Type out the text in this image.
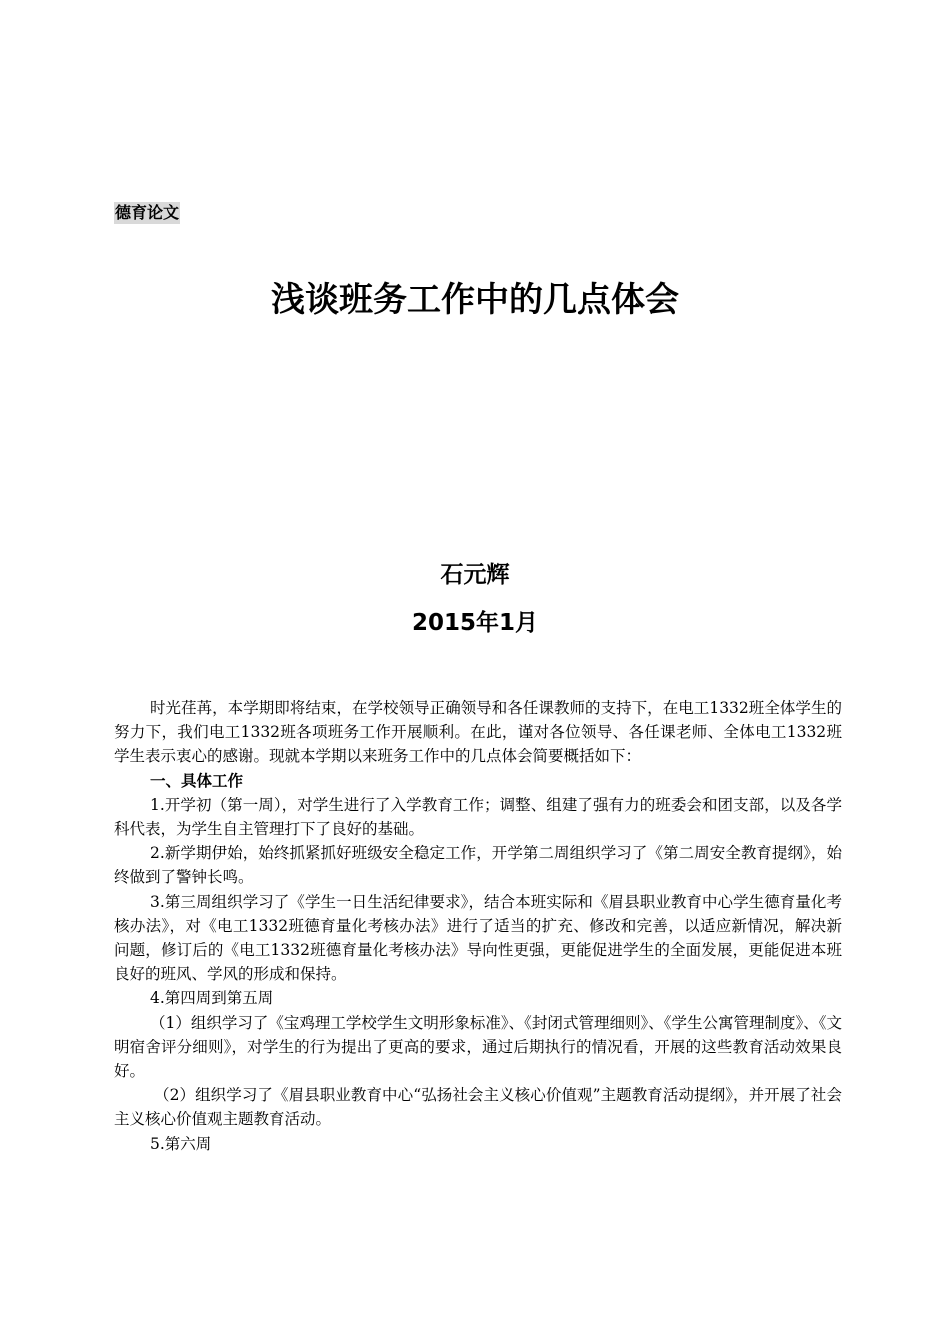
德育论文
浅谈班务工作中的几点体会
石元辉
2015年1月

时光荏苒，本学期即将结束，在学校领导正确领导和各任课教师的支持下，在电工1332班全体学生的努力下，我们电工1332班各项班务工作开展顺利。在此，谨对各位领导、各任课老师、全体电工1332班学生表示衷心的感谢。现就本学期以来班务工作中的几点体会简要概括如下：

一、具体工作

1.开学初（第一周），对学生进行了入学教育工作；调整、组建了强有力的班委会和团支部，以及各学科代表，为学生自主管理打下了良好的基础。

2.新学期伊始，始终抓紧抓好班级安全稳定工作，开学第二周组织学习了《第二周安全教育提纲》，始终做到了警钟长鸣。

3.第三周组织学习了《学生一日生活纪律要求》，结合本班实际和《眉县职业教育中心学生德育量化考核办法》，对《电工1332班德育量化考核办法》进行了适当的扩充、修改和完善，以适应新情况，解决新问题，修订后的《电工1332班德育量化考核办法》导向性更强，更能促进学生的全面发展，更能促进本班良好的班风、学风的形成和保持。

4.第四周到第五周

（1）组织学习了《宝鸡理工学校学生文明形象标准》、《封闭式管理细则》、《学生公寓管理制度》、《文明宿舍评分细则》，对学生的行为提出了更高的要求，通过后期执行的情况看，开展的这些教育活动效果良好。

（2）组织学习了《眉县职业教育中心“弘扬社会主义核心价值观”主题教育活动提纲》，并开展了社会主义核心价值观主题教育活动。

5.第六周
